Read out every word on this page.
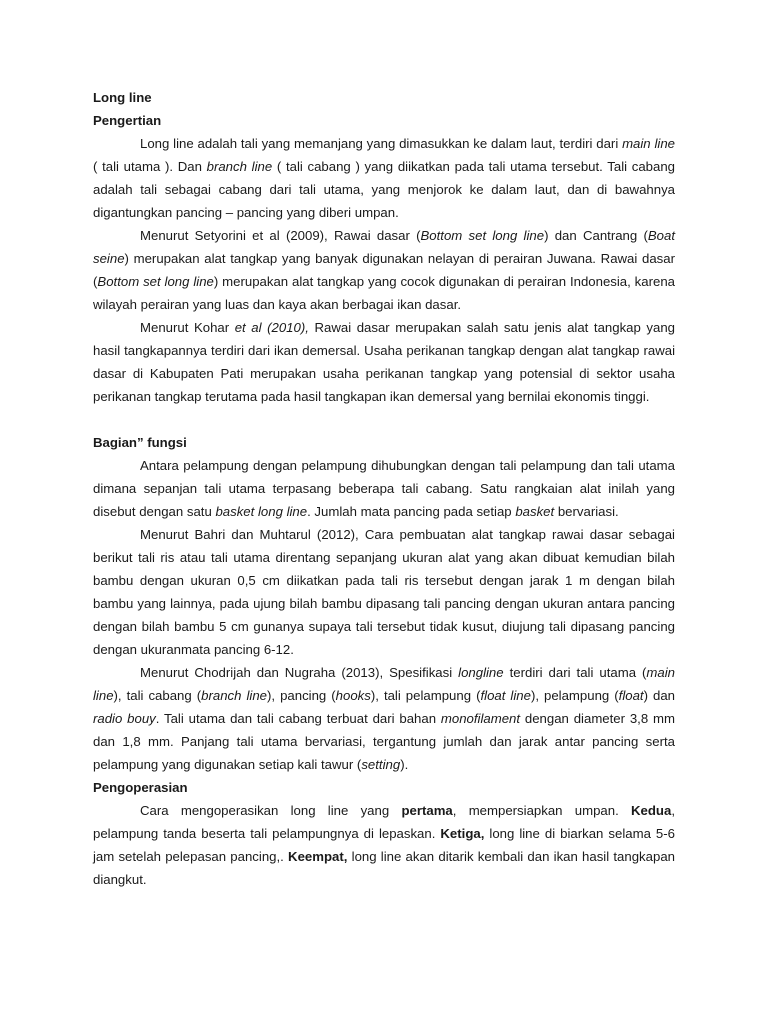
Long line

Pengertian

Long line adalah tali yang memanjang yang dimasukkan ke dalam laut, terdiri dari main line ( tali utama ). Dan branch line ( tali cabang ) yang diikatkan pada tali utama tersebut. Tali cabang adalah tali sebagai cabang dari tali utama, yang menjorok ke dalam laut, dan di bawahnya digantungkan pancing – pancing yang diberi umpan.

Menurut Setyorini et al (2009), Rawai dasar (Bottom set long line) dan Cantrang (Boat seine) merupakan alat tangkap yang banyak digunakan nelayan di perairan Juwana. Rawai dasar (Bottom set long line) merupakan alat tangkap yang cocok digunakan di perairan Indonesia, karena wilayah perairan yang luas dan kaya akan berbagai ikan dasar.

Menurut Kohar et al (2010), Rawai dasar merupakan salah satu jenis alat tangkap yang hasil tangkapannya terdiri dari ikan demersal. Usaha perikanan tangkap dengan alat tangkap rawai dasar di Kabupaten Pati merupakan usaha perikanan tangkap yang potensial di sektor usaha perikanan tangkap terutama pada hasil tangkapan ikan demersal yang bernilai ekonomis tinggi.

Bagian” fungsi

Antara pelampung dengan pelampung dihubungkan dengan tali pelampung dan tali utama dimana sepanjan tali utama terpasang beberapa tali cabang. Satu rangkaian alat inilah yang disebut dengan satu basket long line. Jumlah mata pancing pada setiap basket bervariasi.

Menurut Bahri dan Muhtarul (2012), Cara pembuatan alat tangkap rawai dasar sebagai berikut tali ris atau tali utama direntang sepanjang ukuran alat yang akan dibuat kemudian bilah bambu dengan ukuran 0,5 cm diikatkan pada tali ris tersebut dengan jarak 1 m dengan bilah bambu yang lainnya, pada ujung bilah bambu dipasang tali pancing dengan ukuran antara pancing dengan bilah bambu 5 cm gunanya supaya tali tersebut tidak kusut, diujung tali dipasang pancing dengan ukuranmata pancing 6-12.

Menurut Chodrijah dan Nugraha (2013), Spesifikasi longline terdiri dari tali utama (main line), tali cabang (branch line), pancing (hooks), tali pelampung (float line), pelampung (float) dan radio bouy. Tali utama dan tali cabang terbuat dari bahan monofilament dengan diameter 3,8 mm dan 1,8 mm. Panjang tali utama bervariasi, tergantung jumlah dan jarak antar pancing serta pelampung yang digunakan setiap kali tawur (setting).

Pengoperasian

Cara mengoperasikan long line yang pertama, mempersiapkan umpan. Kedua, pelampung tanda beserta tali pelampungnya di lepaskan. Ketiga, long line di biarkan selama 5-6 jam setelah pelepasan pancing,. Keempat, long line akan ditarik kembali dan ikan hasil tangkapan diangkut.
